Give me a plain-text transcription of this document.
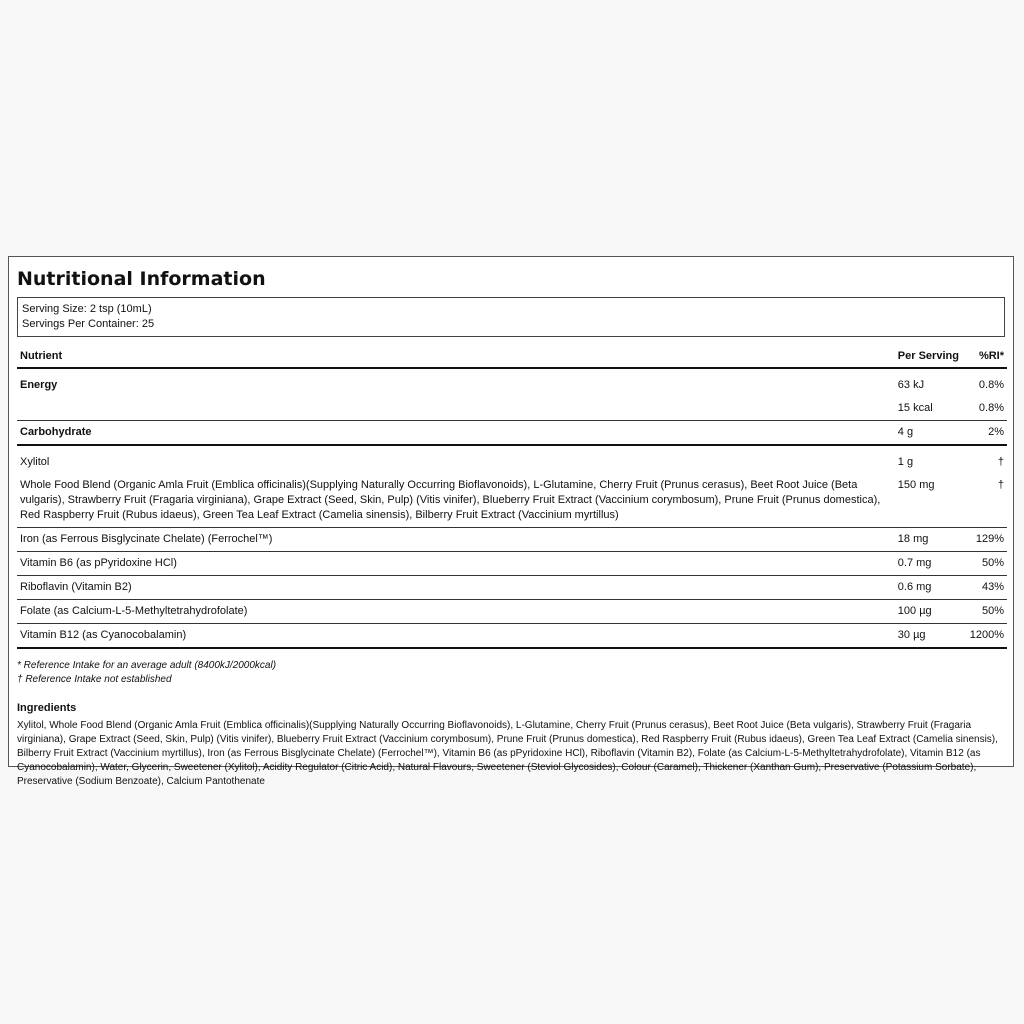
Nutritional Information
Serving Size: 2 tsp (10mL)
Servings Per Container: 25
Nutrient	Per Serving	%RI*
Energy	63 kJ	0.8%
	15 kcal	0.8%
Carbohydrate	4 g	2%
Xylitol	1 g	†
Whole Food Blend (Organic Amla Fruit (Emblica officinalis)(Supplying Naturally Occurring Bioflavonoids), L-Glutamine, Cherry Fruit (Prunus cerasus), Beet Root Juice (Beta vulgaris), Strawberry Fruit (Fragaria virginiana), Grape Extract (Seed, Skin, Pulp) (Vitis vinifer), Blueberry Fruit Extract (Vaccinium corymbosum), Prune Fruit (Prunus domestica), Red Raspberry Fruit (Rubus idaeus), Green Tea Leaf Extract (Camelia sinensis), Bilberry Fruit Extract (Vaccinium myrtillus)	150 mg	†
Iron (as Ferrous Bisglycinate Chelate) (Ferrochel™)	18 mg	129%
Vitamin B6 (as pPyridoxine HCl)	0.7 mg	50%
Riboflavin (Vitamin B2)	0.6 mg	43%
Folate (as Calcium-L-5-Methyltetrahydrofolate)	100 µg	50%
Vitamin B12 (as Cyanocobalamin)	30 µg	1200%
* Reference Intake for an average adult (8400kJ/2000kcal)
† Reference Intake not established
Ingredients
Xylitol, Whole Food Blend (Organic Amla Fruit (Emblica officinalis)(Supplying Naturally Occurring Bioflavonoids), L-Glutamine, Cherry Fruit (Prunus cerasus), Beet Root Juice (Beta vulgaris), Strawberry Fruit (Fragaria virginiana), Grape Extract (Seed, Skin, Pulp) (Vitis vinifer), Blueberry Fruit Extract (Vaccinium corymbosum), Prune Fruit (Prunus domestica), Red Raspberry Fruit (Rubus idaeus), Green Tea Leaf Extract (Camelia sinensis), Bilberry Fruit Extract (Vaccinium myrtillus), Iron (as Ferrous Bisglycinate Chelate) (Ferrochel™), Vitamin B6 (as pPyridoxine HCl), Riboflavin (Vitamin B2), Folate (as Calcium-L-5-Methyltetrahydrofolate), Vitamin B12 (as Cyanocobalamin), Water, Glycerin, Sweetener (Xylitol), Acidity Regulator (Citric Acid), Natural Flavours, Sweetener (Steviol Glycosides), Colour (Caramel), Thickener (Xanthan Gum), Preservative (Potassium Sorbate), Preservative (Sodium Benzoate), Calcium Pantothenate
